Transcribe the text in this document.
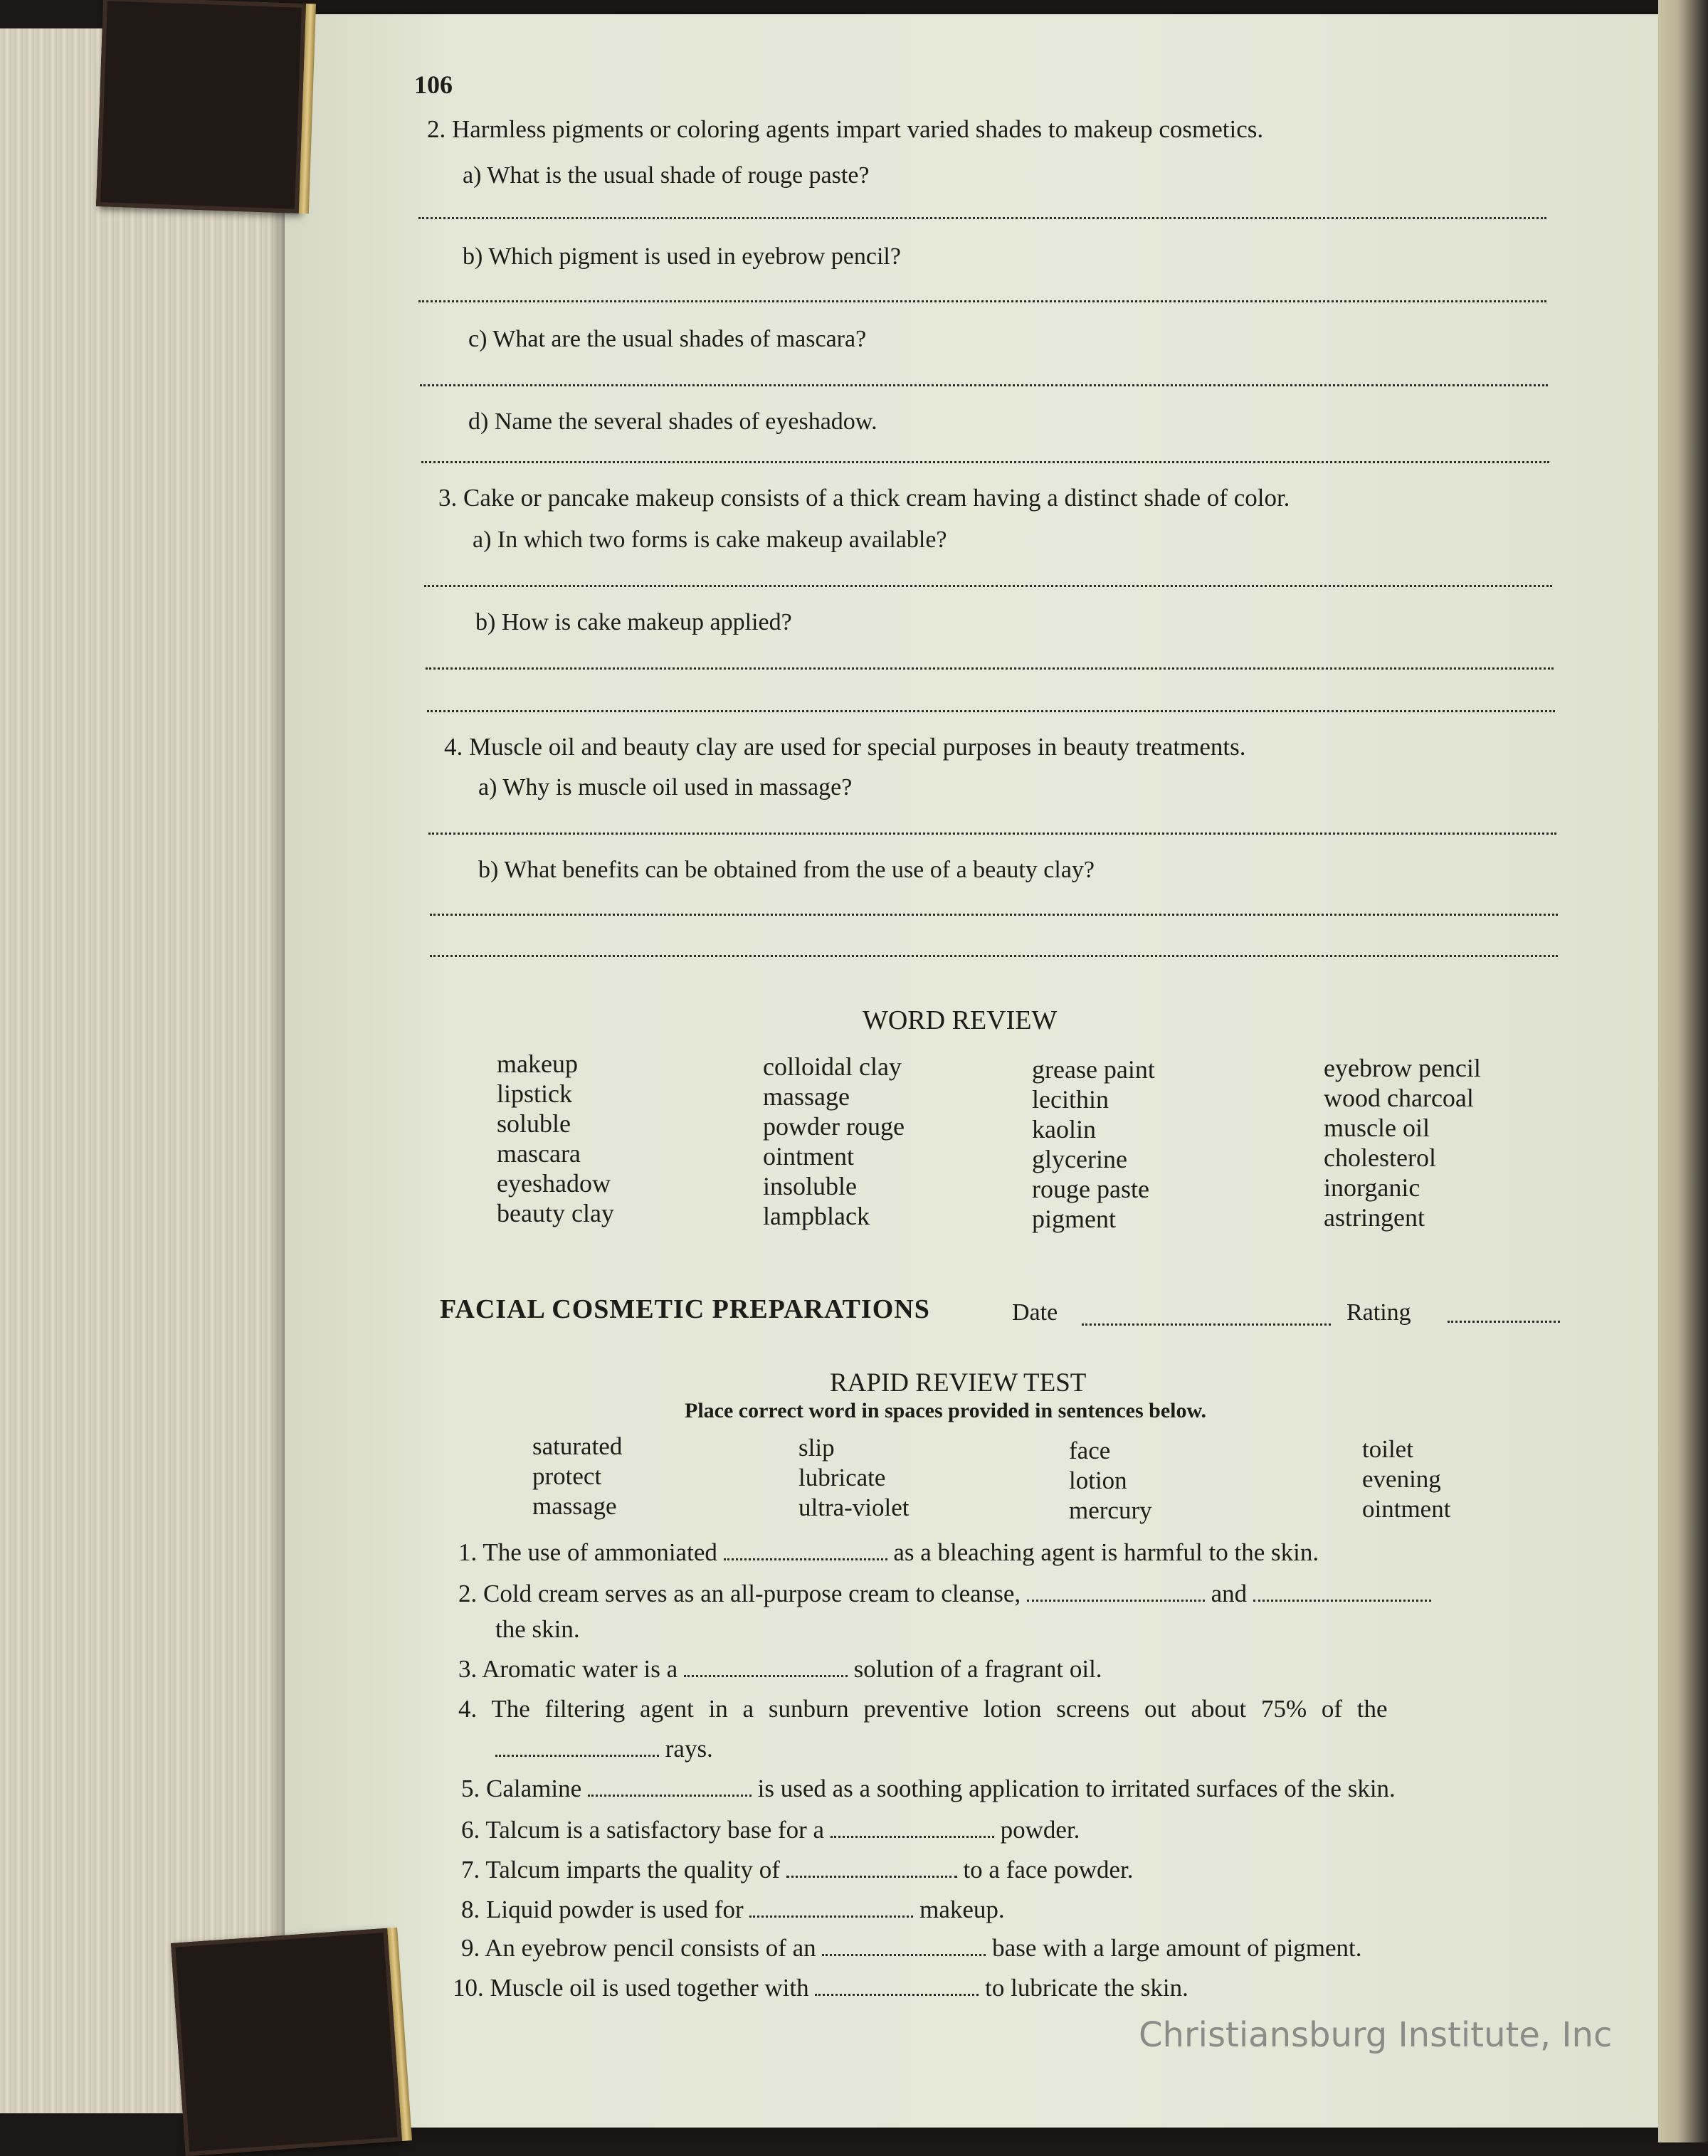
106
2. Harmless pigments or coloring agents impart varied shades to makeup cosmetics.
a) What is the usual shade of rouge paste?
b) Which pigment is used in eyebrow pencil?
c) What are the usual shades of mascara?
d) Name the several shades of eyeshadow.
3. Cake or pancake makeup consists of a thick cream having a distinct shade of color.
a) In which two forms is cake makeup available?
b) How is cake makeup applied?
4. Muscle oil and beauty clay are used for special purposes in beauty treatments.
a) Why is muscle oil used in massage?
b) What benefits can be obtained from the use of a beauty clay?
WORD REVIEW
makeup
lipstick
soluble
mascara
eyeshadow
beauty clay
colloidal clay
massage
powder rouge
ointment
insoluble
lampblack
grease paint
lecithin
kaolin
glycerine
rouge paste
pigment
eyebrow pencil
wood charcoal
muscle oil
cholesterol
inorganic
astringent
FACIAL COSMETIC PREPARATIONS	Date	Rating
RAPID REVIEW TEST
Place correct word in spaces provided in sentences below.
saturated
protect
massage
slip
lubricate
ultra-violet
face
lotion
mercury
toilet
evening
ointment
1. The use of ammoniated	as a bleaching agent is harmful to the skin.
2. Cold cream serves as an all-purpose cream to cleanse,	and
the skin.
3. Aromatic water is a	solution of a fragrant oil.
4. The filtering agent in a sunburn preventive lotion screens out about 75% of the
rays.
5. Calamine	is used as a soothing application to irritated surfaces of the skin.
6. Talcum is a satisfactory base for a	powder.
7. Talcum imparts the quality of	to a face powder.
8. Liquid powder is used for	makeup.
9. An eyebrow pencil consists of an	base with a large amount of pigment.
10. Muscle oil is used together with	to lubricate the skin.
Christiansburg Institute, Inc
